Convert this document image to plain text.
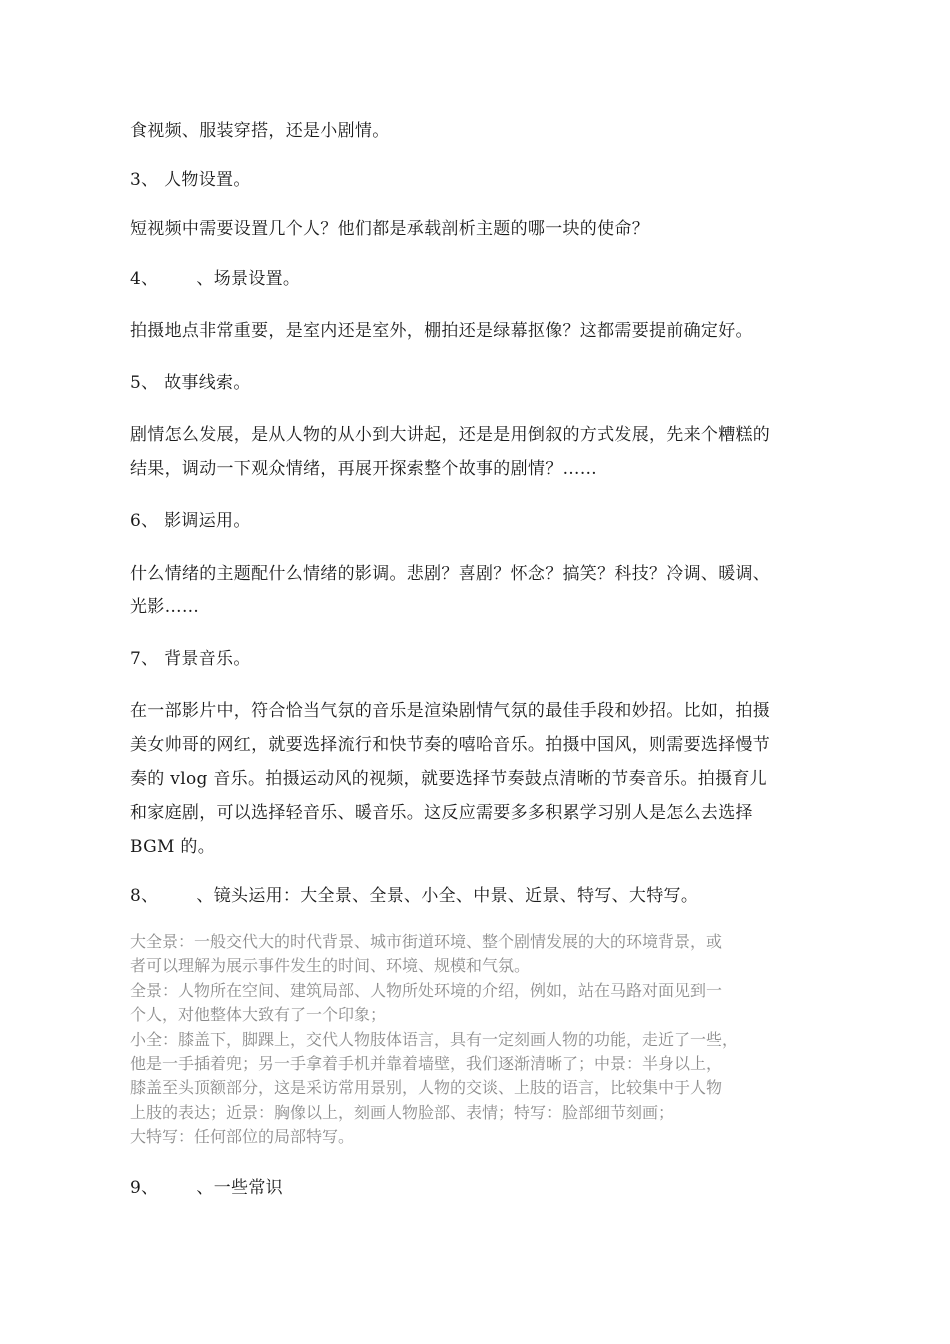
食视频、服装穿搭，还是小剧情。
3、 人物设置。
短视频中需要设置几个人？他们都是承载剖析主题的哪一块的使命？
4、 、场景设置。
拍摄地点非常重要，是室内还是室外，棚拍还是绿幕抠像？这都需要提前确定好。
5、 故事线索。
剧情怎么发展，是从人物的从小到大讲起，还是是用倒叙的方式发展，先来个糟糕的
结果，调动一下观众情绪，再展开探索整个故事的剧情？……
6、 影调运用。
什么情绪的主题配什么情绪的影调。悲剧？喜剧？怀念？搞笑？科技？冷调、暖调、
光影……
7、 背景音乐。
在一部影片中，符合恰当气氛的音乐是渲染剧情气氛的最佳手段和妙招。比如，拍摄
美女帅哥的网红，就要选择流行和快节奏的嘻哈音乐。拍摄中国风，则需要选择慢节
奏的 vlog 音乐。拍摄运动风的视频，就要选择节奏鼓点清晰的节奏音乐。拍摄育儿
和家庭剧，可以选择轻音乐、暖音乐。这反应需要多多积累学习别人是怎么去选择
BGM 的。
8、 、镜头运用：大全景、全景、小全、中景、近景、特写、大特写。
大全景：一般交代大的时代背景、城市街道环境、整个剧情发展的大的环境背景，或
者可以理解为展示事件发生的时间、环境、规模和气氛。
全景：人物所在空间、建筑局部、人物所处环境的介绍，例如，站在马路对面见到一
个人，对他整体大致有了一个印象；
小全：膝盖下，脚踝上，交代人物肢体语言，具有一定刻画人物的功能，走近了一些，
他是一手插着兜；另一手拿着手机并靠着墙壁，我们逐渐清晰了；中景：半身以上，
膝盖至头顶额部分，这是采访常用景别，人物的交谈、上肢的语言，比较集中于人物
上肢的表达；近景：胸像以上，刻画人物脸部、表情；特写：脸部细节刻画；
大特写：任何部位的局部特写。
9、 、一些常识
